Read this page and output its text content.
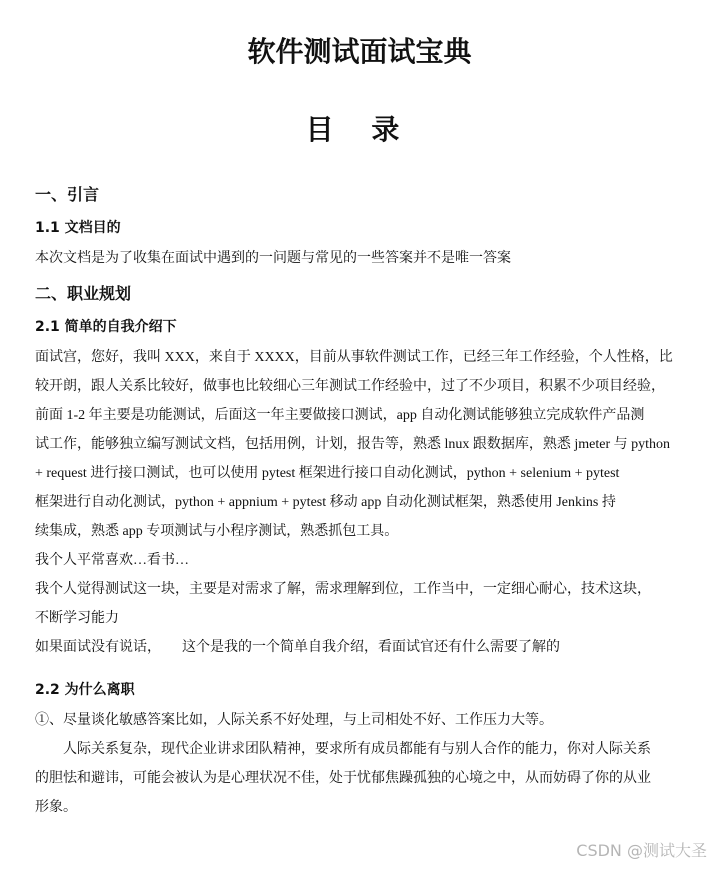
软件测试面试宝典
目 录
一、引言
1.1 文档目的
本次文档是为了收集在面试中遇到的一问题与常见的一些答案并不是唯一答案
二、职业规划
2.1 简单的自我介绍下
面试宫，您好，我叫 XXX，来自于 XXXX，目前从事软件测试工作，已经三年工作经验，个人性格，比
较开朗，跟人关系比较好，做事也比较细心三年测试工作经验中，过了不少项目，积累不少项目经验，
前面 1-2 年主要是功能测试，后面这一年主要做接口测试，app 自动化测试能够独立完成软件产品测
试工作，能够独立编写测试文档，包括用例，计划，报告等，熟悉 lnux 跟数据库，熟悉 jmeter 与 python
+ request 进行接口测试，也可以使用 pytest 框架进行接口自动化测试，python + selenium + pytest
框架进行自动化测试，python + appnium + pytest 移动 app 自动化测试框架，熟悉使用 Jenkins 持
续集成，熟悉 app 专项测试与小程序测试，熟悉抓包工具。
我个人平常喜欢…看书…
我个人觉得测试这一块，主要是对需求了解，需求理解到位，工作当中，一定细心耐心，技术这块，
不断学习能力
如果面试没有说话，　　这个是我的一个简单自我介绍，看面试官还有什么需要了解的
2.2 为什么离职
①、尽量谈化敏感答案比如，人际关系不好处理，与上司相处不好、工作压力大等。
　　人际关系复杂，现代企业讲求团队精神，要求所有成员都能有与别人合作的能力，你对人际关系
的胆怯和避讳，可能会被认为是心理状况不佳，处于忧郁焦躁孤独的心境之中，从而妨碍了你的从业
形象。
CSDN @测试大圣
